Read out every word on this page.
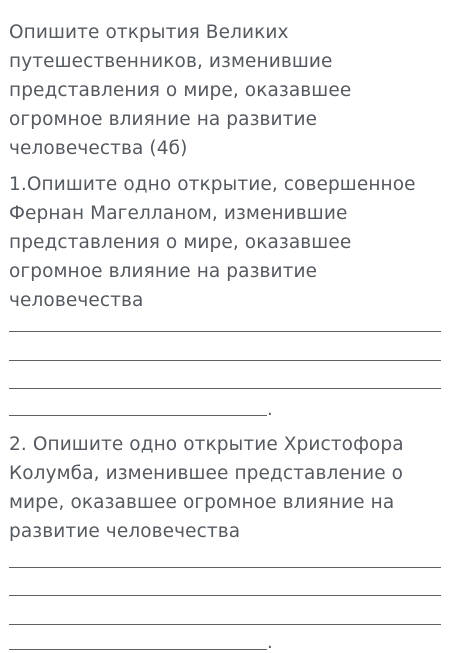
Опишите открытия Великих
путешественников, изменившие
представления о мире, оказавшее
огромное влияние на развитие
человечества (4б)
1.Опишите одно открытие, совершенное
Фернан Магелланом, изменившие
представления о мире, оказавшее
огромное влияние на развитие
человечества
.
2. Опишите одно открытие Христофора
Колумба, изменившее представление о
мире, оказавшее огромное влияние на
развитие человечества
.
